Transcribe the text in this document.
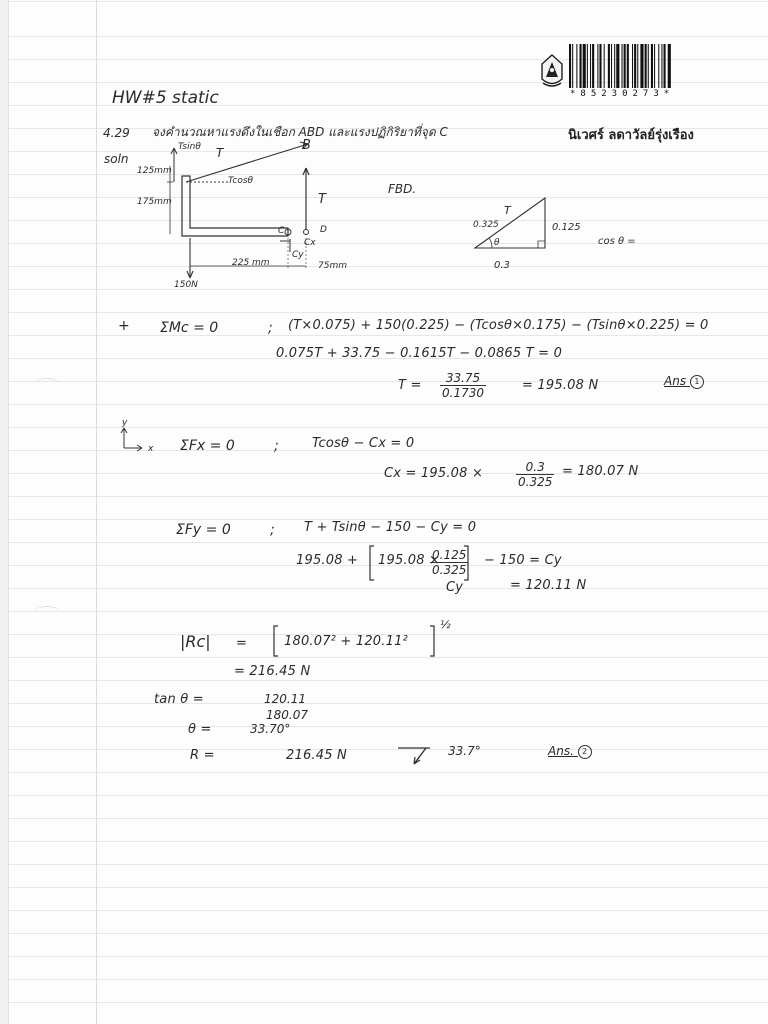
HW#5 static
4.29 จงคำนวณหาแรงดึงในเชือก ABD และแรงปฏิกิริยาที่จุด C	นิเวศร์ ลดาวัลย์รุ่งเรือง
*85230273*
soln
Tsinθ T	B
Tcosθ
T
125mm
175mm
225 mm	75mm
C	D
Cx
Cy
150N
FBD.
0.325
T
0.125
0.3
θ	cos θ =
+ ΣMc = 0	; (T×0.075) + 150(0.225) − (Tcosθ×0.175) − (Tsinθ×0.225) = 0
0.075T + 33.75 − 0.1615T − 0.0865 T = 0
$T = \frac{33.75}{0.1730}$	= 195.08 N	Ans 1
y
x ΣFx = 0	;	Tcosθ − Cx = 0
Cx = 195.08 ×	$\frac{0.3}{0.325} = 180.07$ N
ΣFy = 0	; T + Tsinθ − 150 − Cy = 0
195.08 + 195.08 ×
$\frac{0.125}{0.325} - 150 = Cy$
Cy	= 120.11 N
|Rc| =	180.07² + 120.11²
½
= 216.45 N
tan θ =	120.11
180.07
θ =	33.70°
R =	216.45 N	33.7°	Ans. 2
